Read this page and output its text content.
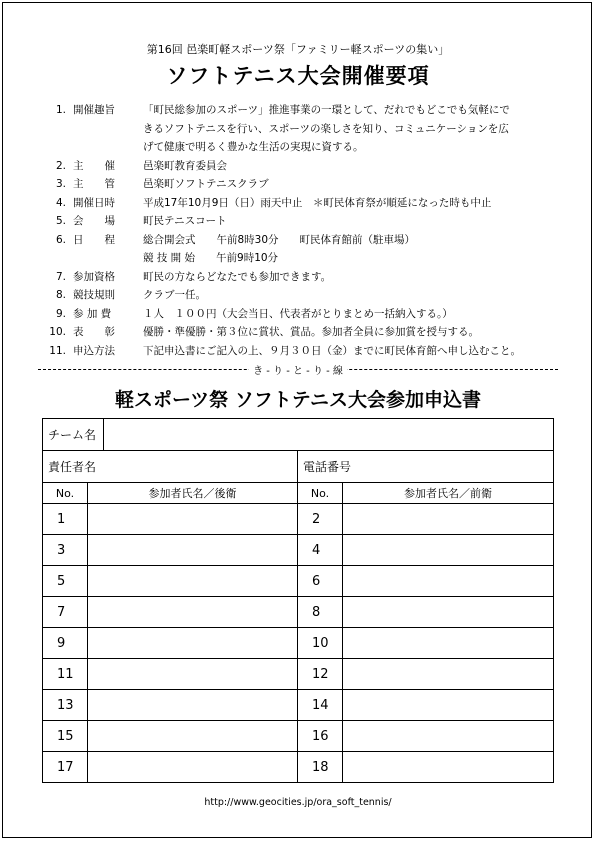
第16回 邑楽町軽スポーツ祭「ファミリー軽スポーツの集い」
ソフトテニス大会開催要項
1. 開催趣旨	「町民総参加のスポーツ」推進事業の一環として、だれでもどこでも気軽にで
きるソフトテニスを行い、スポーツの楽しさを知り、コミュニケーションを広
げて健康で明るく豊かな生活の実現に資する。
2. 主　　催	邑楽町教育委員会
3. 主　　管	邑楽町ソフトテニスクラブ
4. 開催日時	平成17年10月9日（日）雨天中止　＊町民体育祭が順延になった時も中止
5. 会　　場	町民テニスコート
6. 日　　程	総合開会式　　午前8時30分　　町民体育館前（駐車場）
競 技 開 始　　午前9時10分
7. 参加資格	町民の方ならどなたでも参加できます。
8. 競技規則	クラブ一任。
9. 参 加 費	１人　１００円（大会当日、代表者がとりまとめ一括納入する。）
10. 表　　彰	優勝・準優勝・第３位に賞状、賞品。参加者全員に参加賞を授与する。
11. 申込方法	下記申込書にご記入の上、９月３０日（金）までに町民体育館へ申し込むこと。
き - り - と - り - 線
軽スポーツ祭 ソフトテニス大会参加申込書
チーム名			

責任者名		電話番号	
No.	参加者氏名／後衛	No.	参加者氏名／前衛
1		2	
3		4	
5		6	
7		8	
9		10	
11		12	
13		14	
15		16	
17		18	
http://www.geocities.jp/ora_soft_tennis/
